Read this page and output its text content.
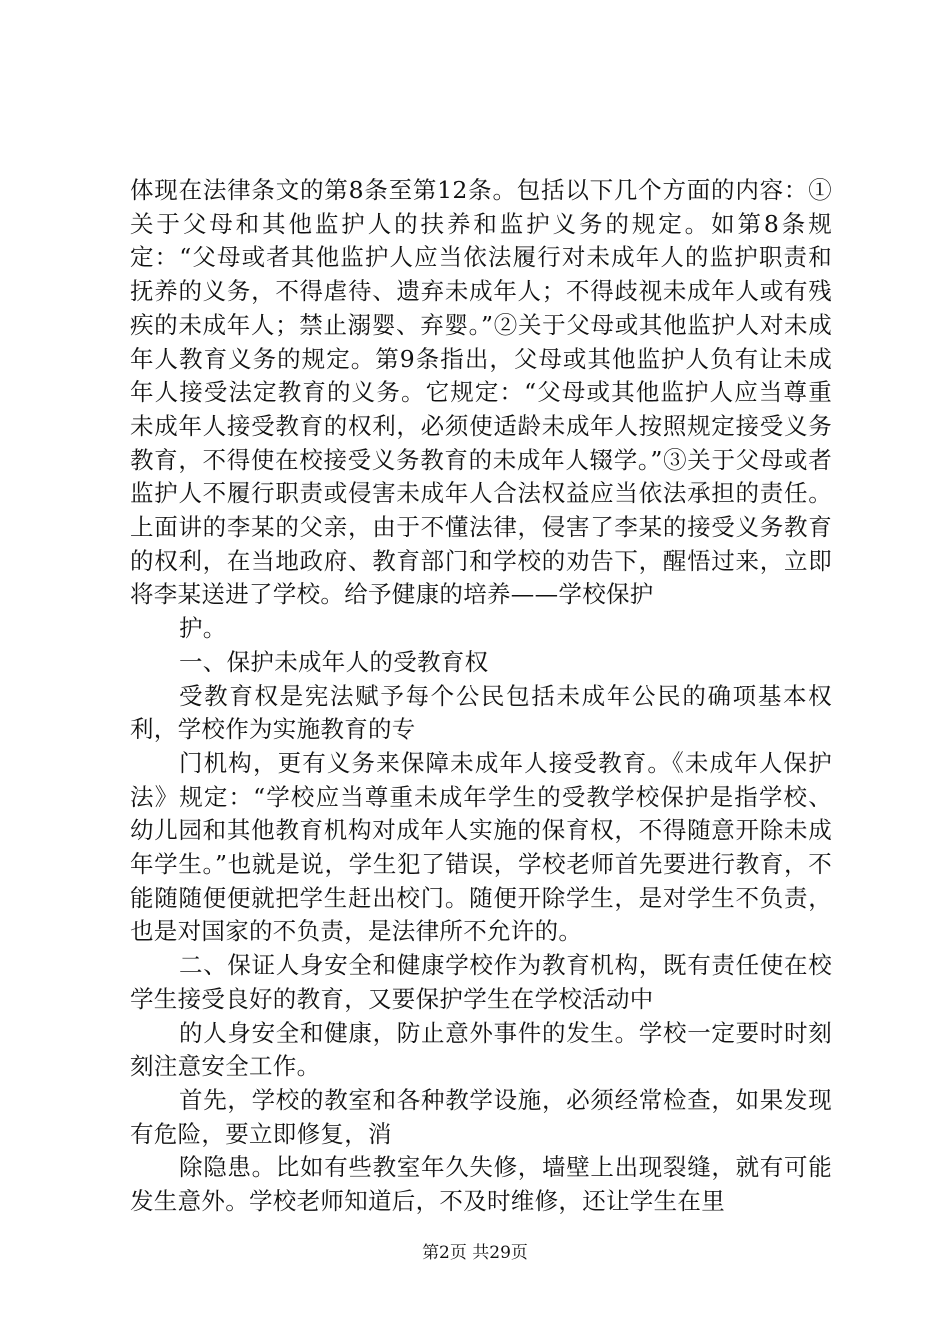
体现在法律条文的第8条至第12条。包括以下几个方面的内容：①关于父母和其他监护人的扶养和监护义务的规定。如第8条规定：“父母或者其他监护人应当依法履行对未成年人的监护职责和抚养的义务，不得虐待、遗弃未成年人；不得歧视未成年人或有残疾的未成年人；禁止溺婴、弃婴。”②关于父母或其他监护人对未成年人教育义务的规定。第9条指出，父母或其他监护人负有让未成年人接受法定教育的义务。它规定：“父母或其他监护人应当尊重未成年人接受教育的权利，必须使适龄未成年人按照规定接受义务教育，不得使在校接受义务教育的未成年人辍学。”③关于父母或者监护人不履行职责或侵害未成年人合法权益应当依法承担的责任。上面讲的李某的父亲，由于不懂法律，侵害了李某的接受义务教育的权利，在当地政府、教育部门和学校的劝告下，醒悟过来，立即将李某送进了学校。给予健康的培养——学校保护

护。

一、保护未成年人的受教育权

受教育权是宪法赋予每个公民包括未成年公民的确项基本权利，学校作为实施教育的专

门机构，更有义务来保障未成年人接受教育。《未成年人保护法》规定：“学校应当尊重未成年学生的受教学校保护是指学校、幼儿园和其他教育机构对成年人实施的保育权，不得随意开除未成年学生。”也就是说，学生犯了错误，学校老师首先要进行教育，不能随随便便就把学生赶出校门。随便开除学生，是对学生不负责，也是对国家的不负责，是法律所不允许的。

二、保证人身安全和健康学校作为教育机构，既有责任使在校学生接受良好的教育，又要保护学生在学校活动中

的人身安全和健康，防止意外事件的发生。学校一定要时时刻刻注意安全工作。

首先，学校的教室和各种教学设施，必须经常检查，如果发现有危险，要立即修复，消

除隐患。比如有些教室年久失修，墙壁上出现裂缝，就有可能发生意外。学校老师知道后，不及时维修，还让学生在里

第2页 共29页
